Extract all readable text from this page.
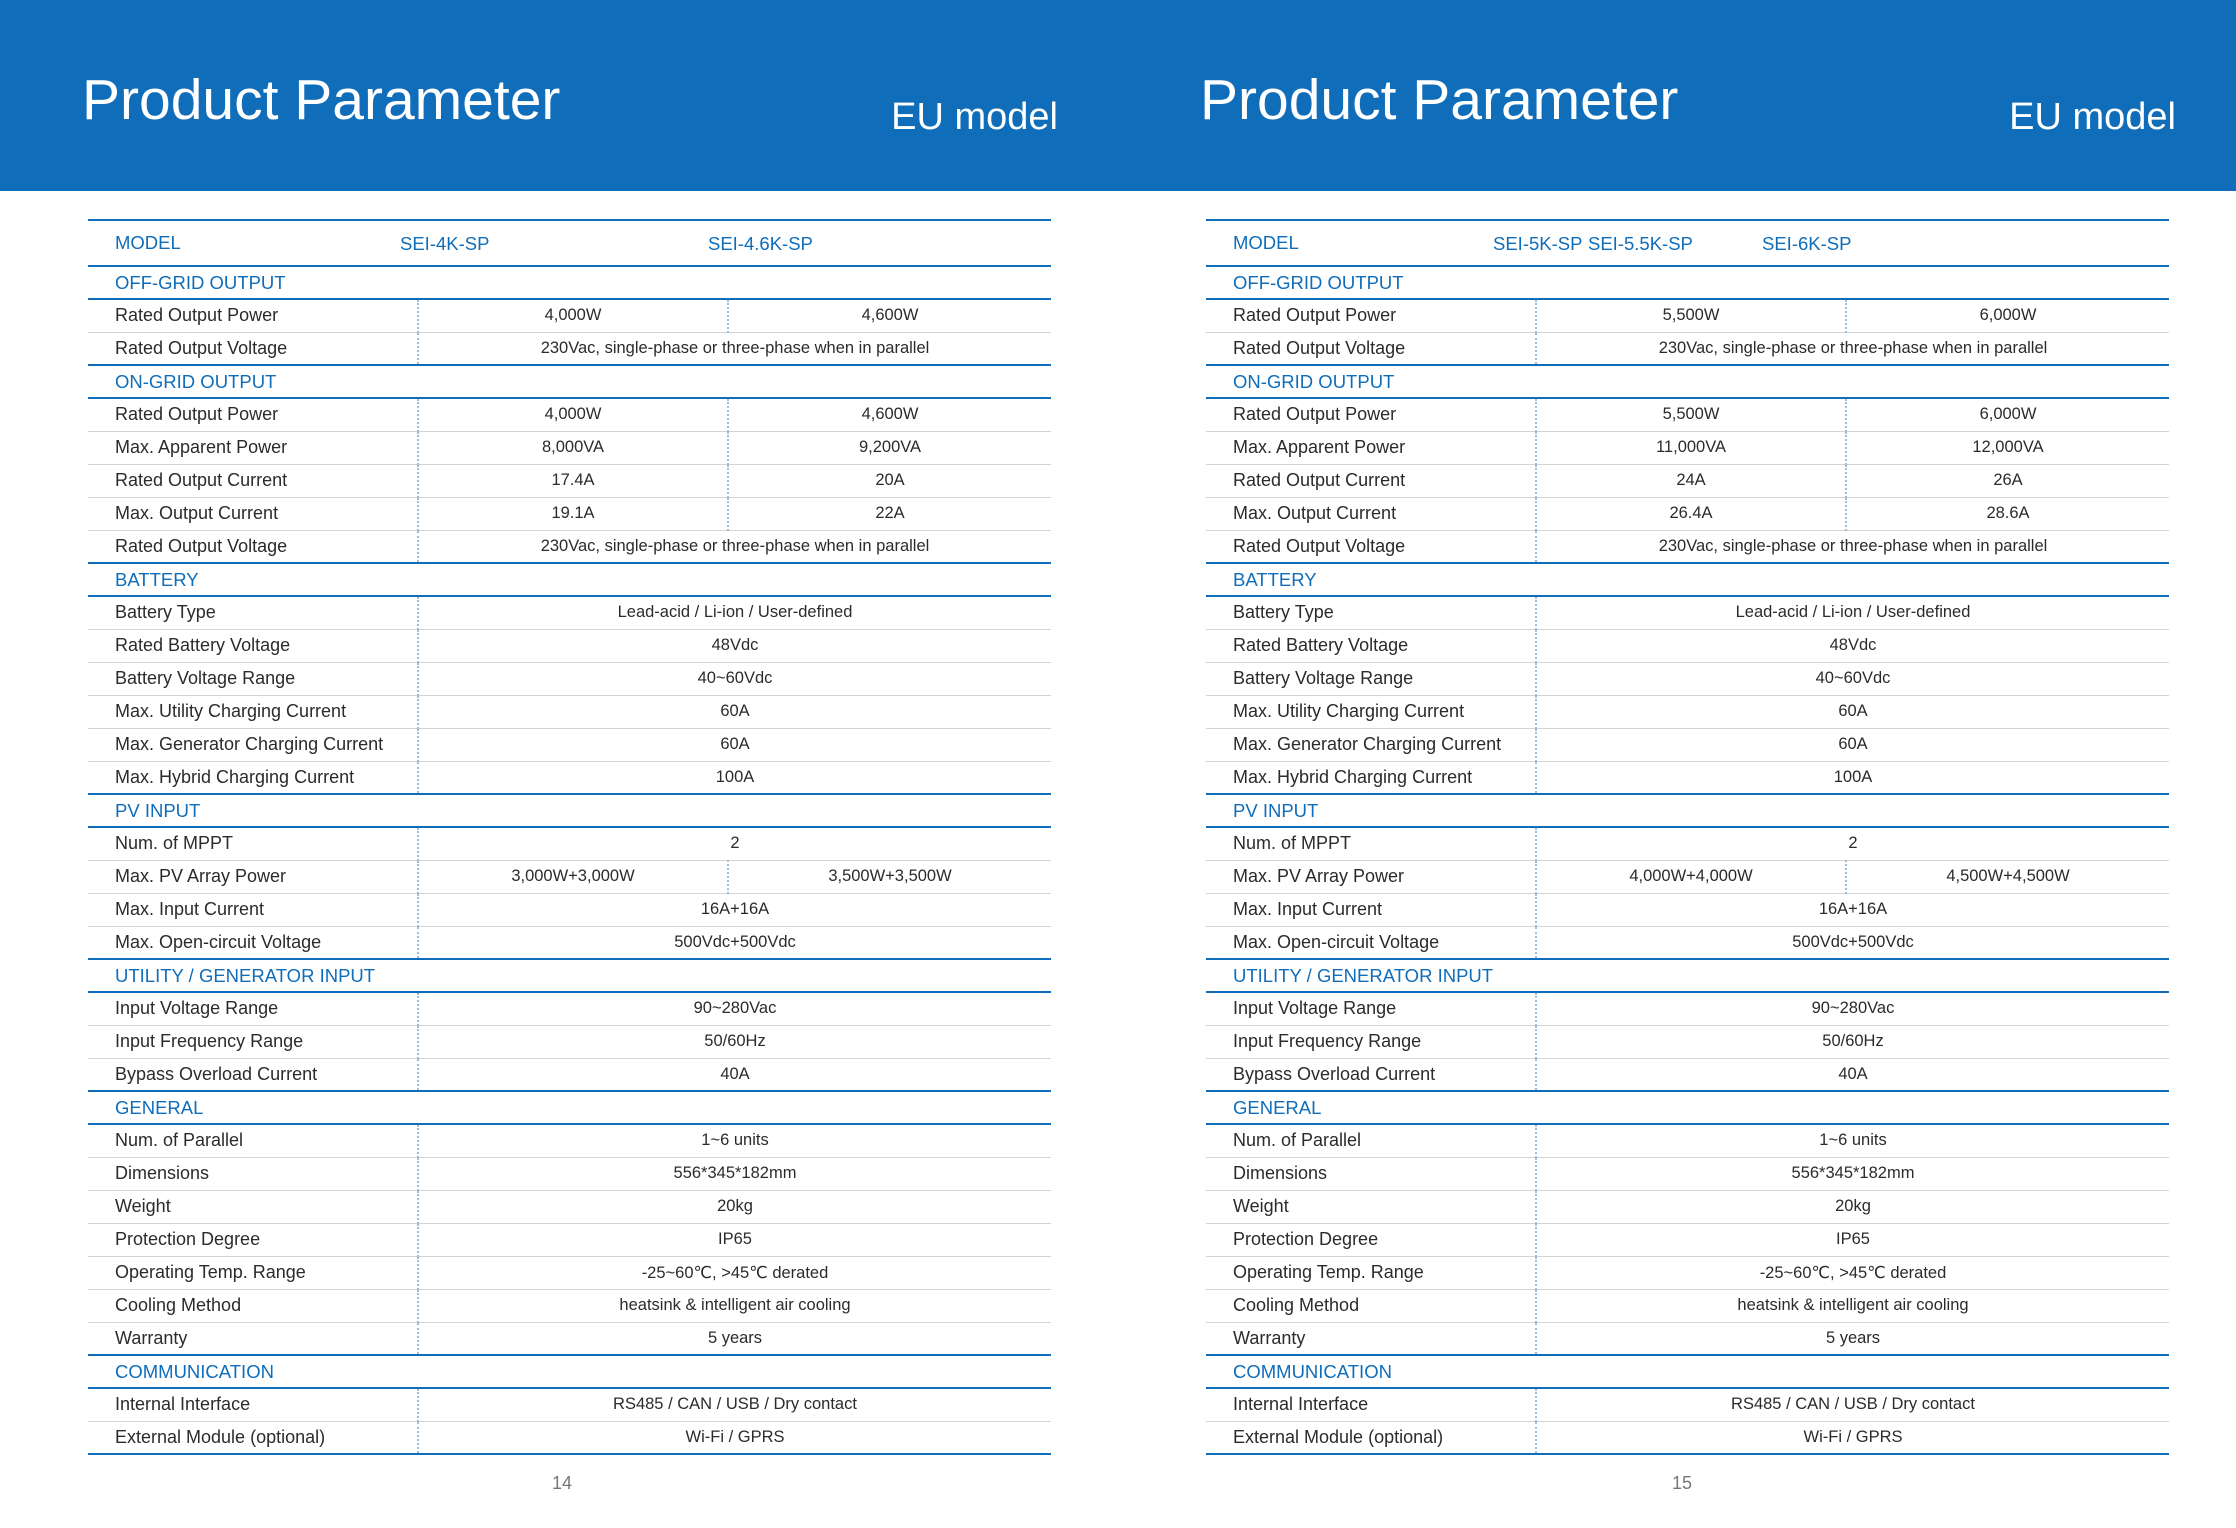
Product Parameter	EU model
MODEL	SEI-4K-SP SEI-4.6K-SP	

OFF-GRID OUTPUT		
Rated Output Power	4,000W	4,600W
Rated Output Voltage	230Vac, single-phase or three-phase when in parallel	
ON-GRID OUTPUT		
Rated Output Power	4,000W	4,600W
Max. Apparent Power	8,000VA	9,200VA
Rated Output Current	17.4A	20A
Max. Output Current	19.1A	22A
Rated Output Voltage	230Vac, single-phase or three-phase when in parallel	
BATTERY		
Battery Type	Lead-acid / Li-ion / User-defined	
Rated Battery Voltage	48Vdc	
Battery Voltage Range	40~60Vdc	
Max. Utility Charging Current	60A	
Max. Generator Charging Current	60A	
Max. Hybrid Charging Current	100A	
PV INPUT		
Num. of MPPT	2	
Max. PV Array Power	3,000W+3,000W	3,500W+3,500W
Max. Input Current	16A+16A	
Max. Open-circuit Voltage	500Vdc+500Vdc	
UTILITY / GENERATOR INPUT		
Input Voltage Range	90~280Vac	
Input Frequency Range	50/60Hz	
Bypass Overload Current	40A	
GENERAL		
Num. of Parallel	1~6 units	
Dimensions	556*345*182mm	
Weight	20kg	
Protection Degree	IP65	
Operating Temp. Range	-25~60℃, >45℃ derated	
Cooling Method	heatsink & intelligent air cooling	
Warranty	5 years	
COMMUNICATION		
Internal Interface	RS485 / CAN / USB / Dry contact	
External Module (optional)	Wi-Fi / GPRS	
14
Product Parameter	EU model
MODEL	SEI-5K-SP SEI-5.5K-SP SEI-6K-SP	

OFF-GRID OUTPUT		
Rated Output Power	5,500W	6,000W
Rated Output Voltage	230Vac, single-phase or three-phase when in parallel	
ON-GRID OUTPUT		
Rated Output Power	5,500W	6,000W
Max. Apparent Power	11,000VA	12,000VA
Rated Output Current	24A	26A
Max. Output Current	26.4A	28.6A
Rated Output Voltage	230Vac, single-phase or three-phase when in parallel	
BATTERY		
Battery Type	Lead-acid / Li-ion / User-defined	
Rated Battery Voltage	48Vdc	
Battery Voltage Range	40~60Vdc	
Max. Utility Charging Current	60A	
Max. Generator Charging Current	60A	
Max. Hybrid Charging Current	100A	
PV INPUT		
Num. of MPPT	2	
Max. PV Array Power	4,000W+4,000W	4,500W+4,500W
Max. Input Current	16A+16A	
Max. Open-circuit Voltage	500Vdc+500Vdc	
UTILITY / GENERATOR INPUT		
Input Voltage Range	90~280Vac	
Input Frequency Range	50/60Hz	
Bypass Overload Current	40A	
GENERAL		
Num. of Parallel	1~6 units	
Dimensions	556*345*182mm	
Weight	20kg	
Protection Degree	IP65	
Operating Temp. Range	-25~60℃, >45℃ derated	
Cooling Method	heatsink & intelligent air cooling	
Warranty	5 years	
COMMUNICATION		
Internal Interface	RS485 / CAN / USB / Dry contact	
External Module (optional)	Wi-Fi / GPRS	
15
